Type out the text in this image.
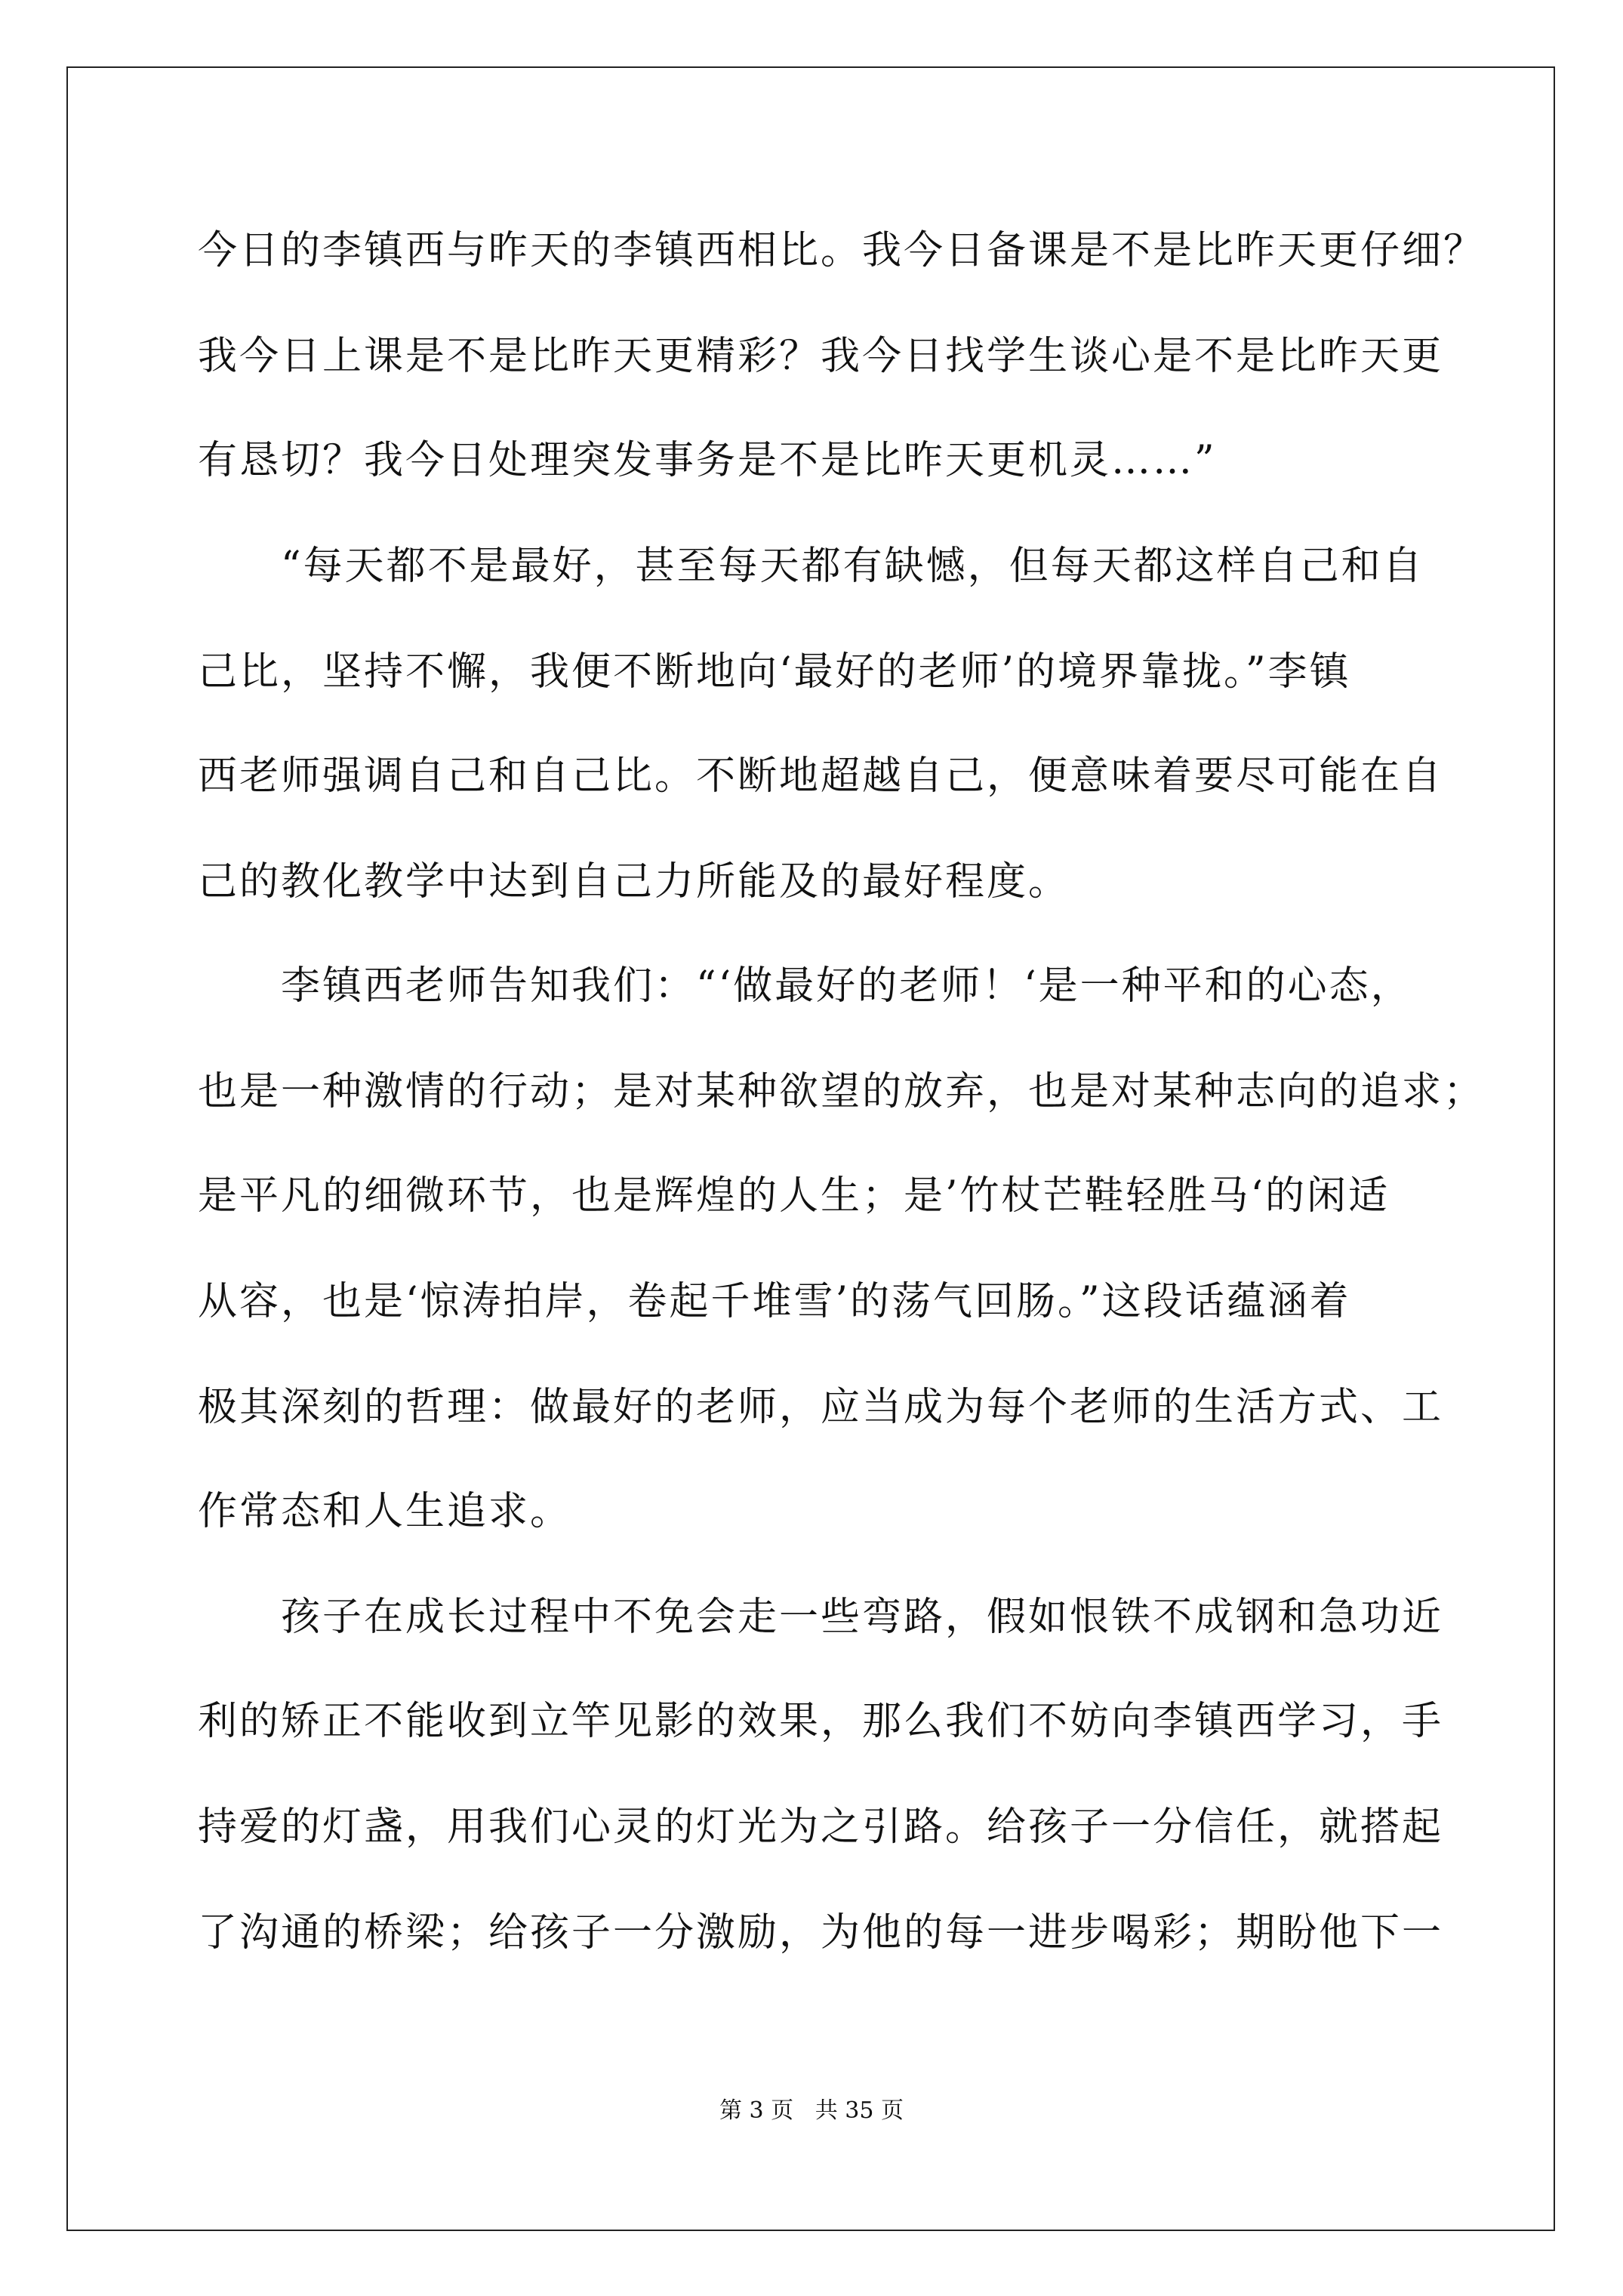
今日的李镇西与昨天的李镇西相比。我今日备课是不是比昨天更仔细？
我今日上课是不是比昨天更精彩？我今日找学生谈心是不是比昨天更
有恳切？我今日处理突发事务是不是比昨天更机灵……”
“每天都不是最好，甚至每天都有缺憾，但每天都这样自己和自
己比，坚持不懈，我便不断地向‘最好的老师’的境界靠拢。”李镇
西老师强调自己和自己比。不断地超越自己，便意味着要尽可能在自
己的教化教学中达到自己力所能及的最好程度。
李镇西老师告知我们：“‘做最好的老师！‘是一种平和的心态，
也是一种激情的行动；是对某种欲望的放弃，也是对某种志向的追求；
是平凡的细微环节，也是辉煌的人生；是’竹杖芒鞋轻胜马‘的闲适
从容，也是‘惊涛拍岸，卷起千堆雪’的荡气回肠。”这段话蕴涵着
极其深刻的哲理：做最好的老师，应当成为每个老师的生活方式、工
作常态和人生追求。
孩子在成长过程中不免会走一些弯路，假如恨铁不成钢和急功近
利的矫正不能收到立竿见影的效果，那么我们不妨向李镇西学习，手
持爱的灯盏，用我们心灵的灯光为之引路。给孩子一分信任，就搭起
了沟通的桥梁；给孩子一分激励，为他的每一进步喝彩；期盼他下一
第 3 页   共 35 页
